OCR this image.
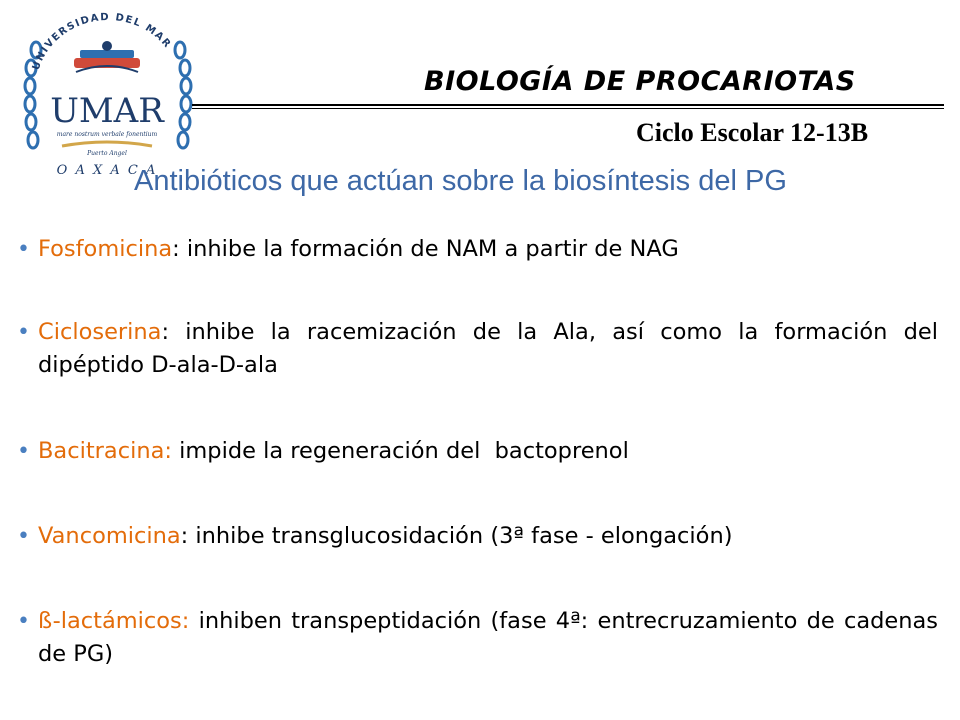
UNIVERSIDAD DEL MAR
UMAR
mare nostrum verbale fonentium
Puerto Angel
O A X A C A
BIOLOGÍA DE PROCARIOTAS
Ciclo Escolar 12-13B
Antibióticos que actúan sobre la biosíntesis del PG
• Fosfomicina: inhibe la formación de NAM a partir de NAG
• Cicloserina: inhibe la racemización de la Ala, así como la formación del dipéptido D-ala-D-ala
• Bacitracina: impide la regeneración del  bactoprenol
• Vancomicina: inhibe transglucosidación (3ª fase - elongación)
• ß-lactámicos: inhiben transpeptidación (fase 4ª: entrecruzamiento de cadenas de PG)
